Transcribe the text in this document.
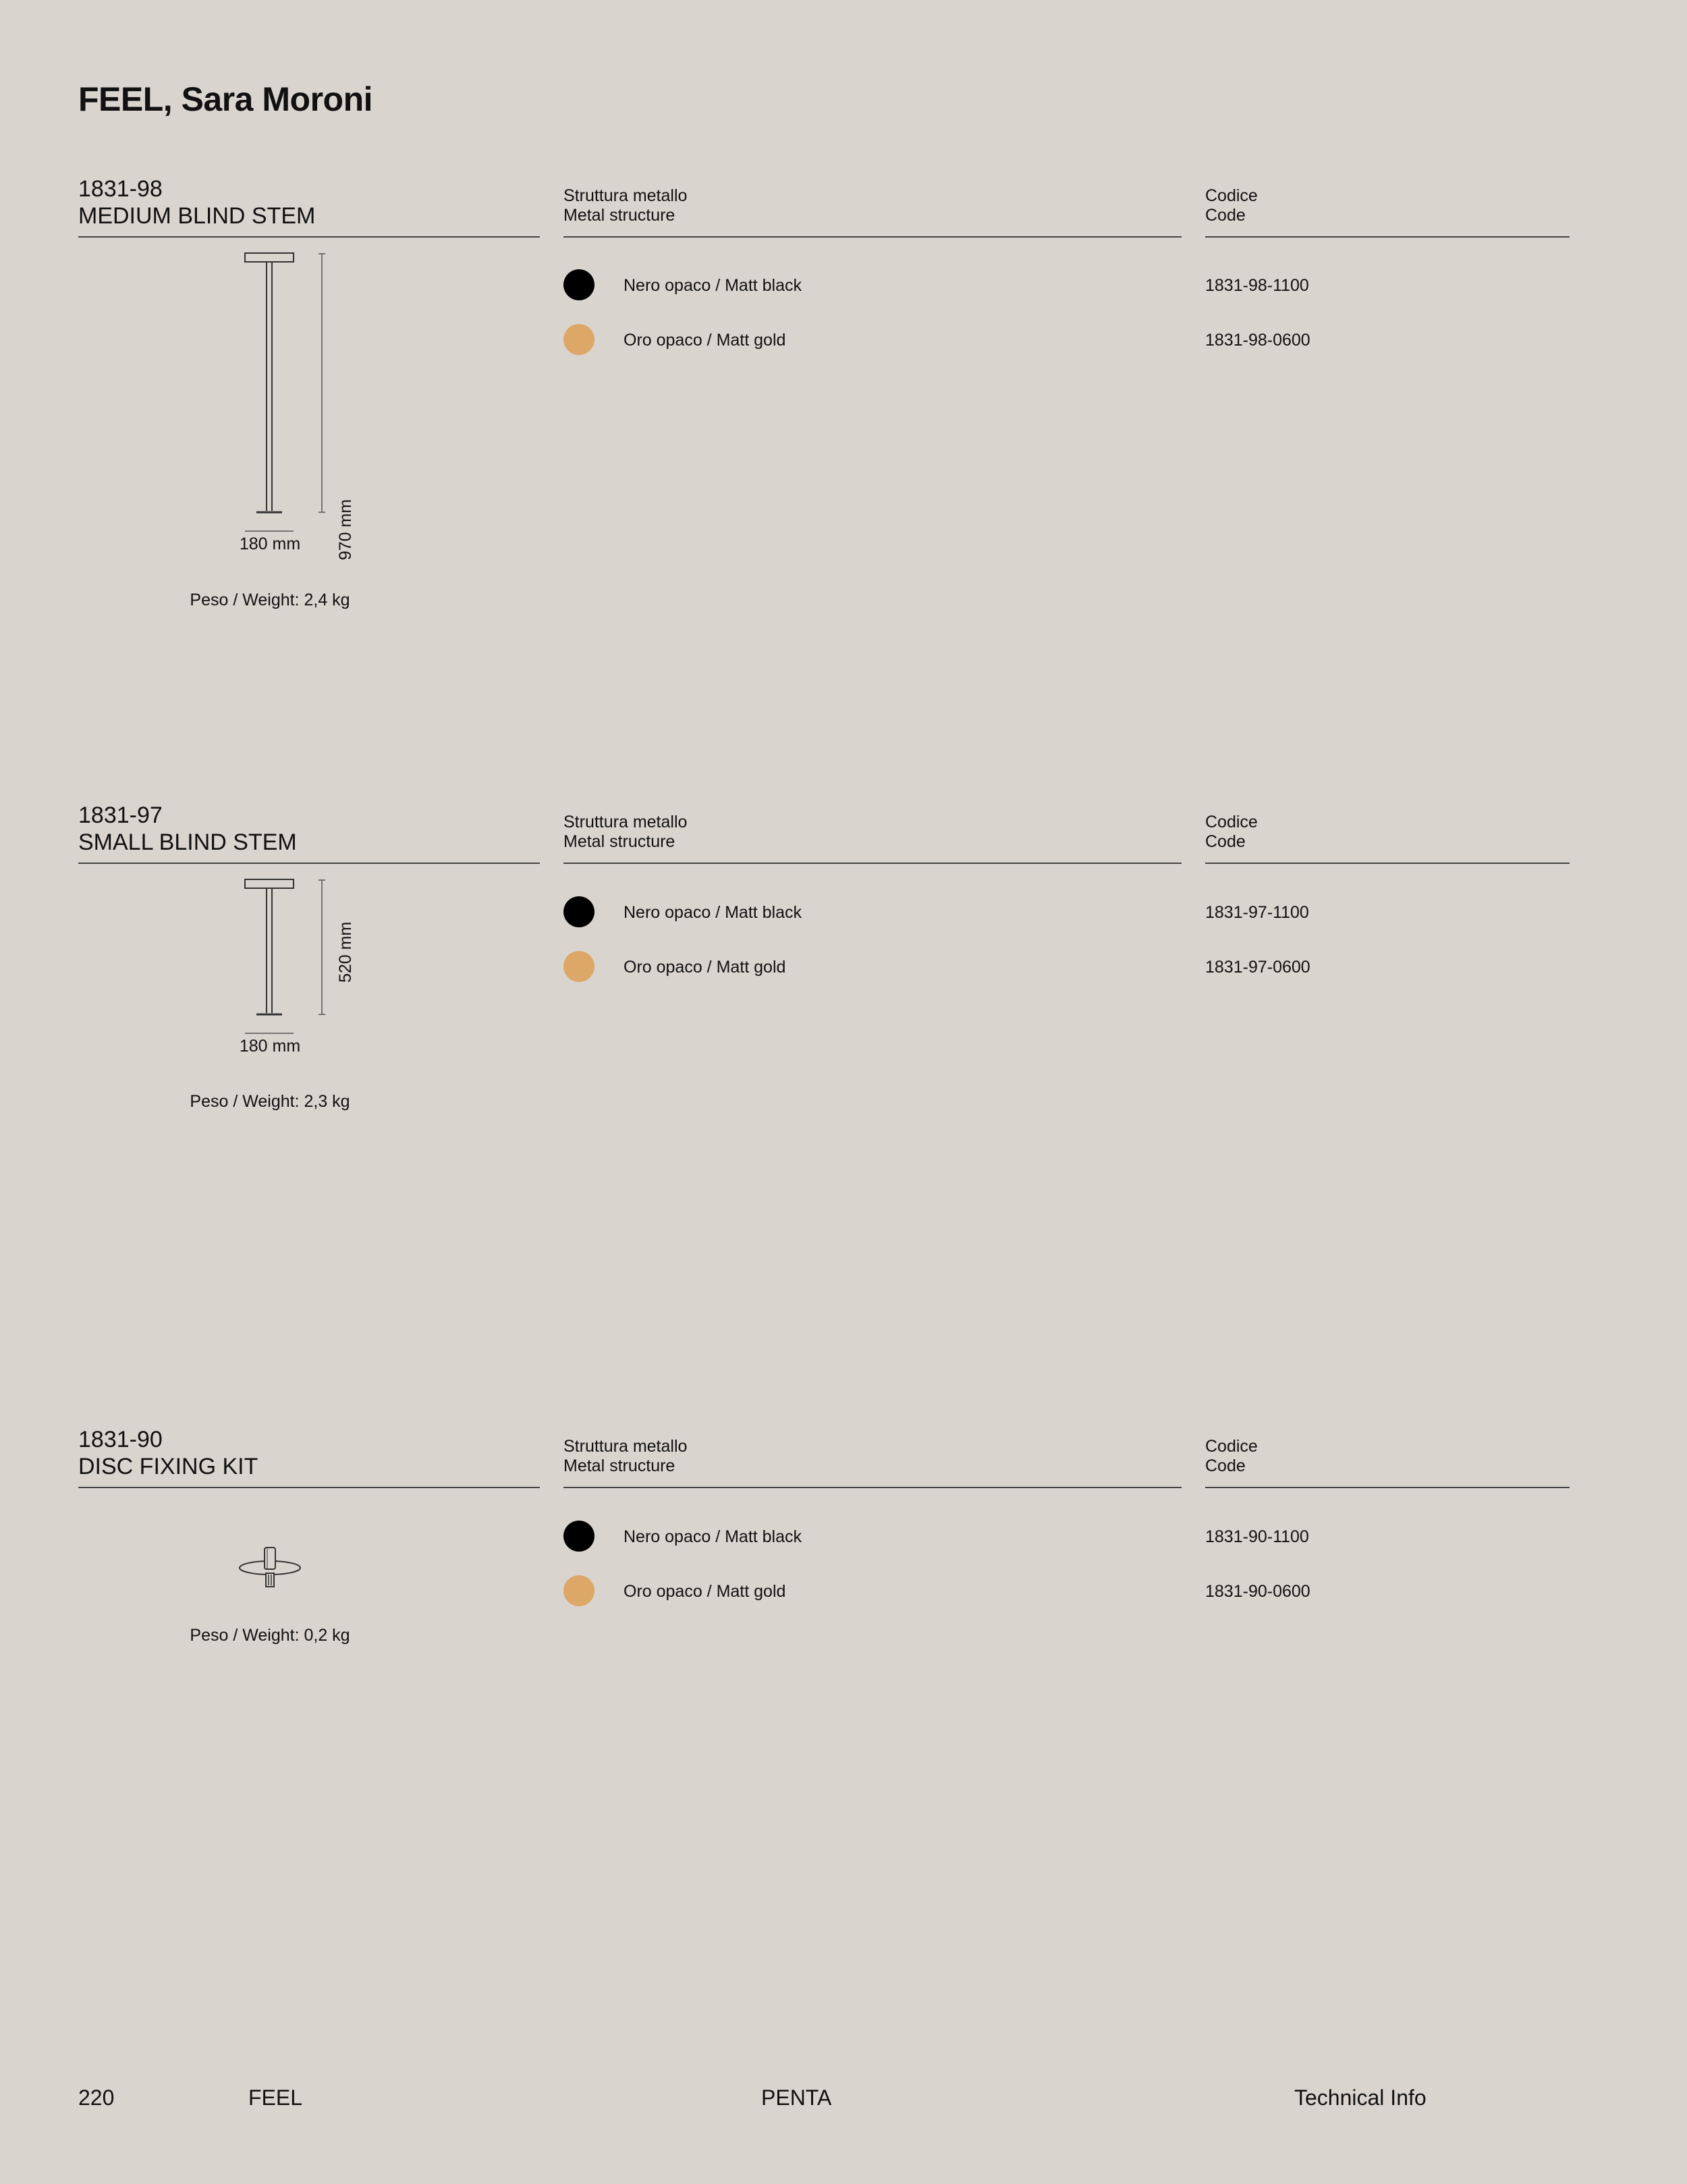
FEEL, Sara Moroni
1831-98
MEDIUM BLIND STEM
Struttura metallo
Metal structure
Codice
Code
970 mm
180 mm
Peso / Weight: 2,4 kg
Nero opaco / Matt black	1831-98-1100
Oro opaco / Matt gold	1831-98-0600
1831-97
SMALL BLIND STEM
Struttura metallo
Metal structure
Codice
Code
520 mm
180 mm
Peso / Weight: 2,3 kg
Nero opaco / Matt black	1831-97-1100
Oro opaco / Matt gold	1831-97-0600
1831-90
DISC FIXING KIT
Struttura metallo
Metal structure
Codice
Code
Peso / Weight: 0,2 kg
Nero opaco / Matt black	1831-90-1100
Oro opaco / Matt gold	1831-90-0600
220	FEEL	PENTA	Technical Info
